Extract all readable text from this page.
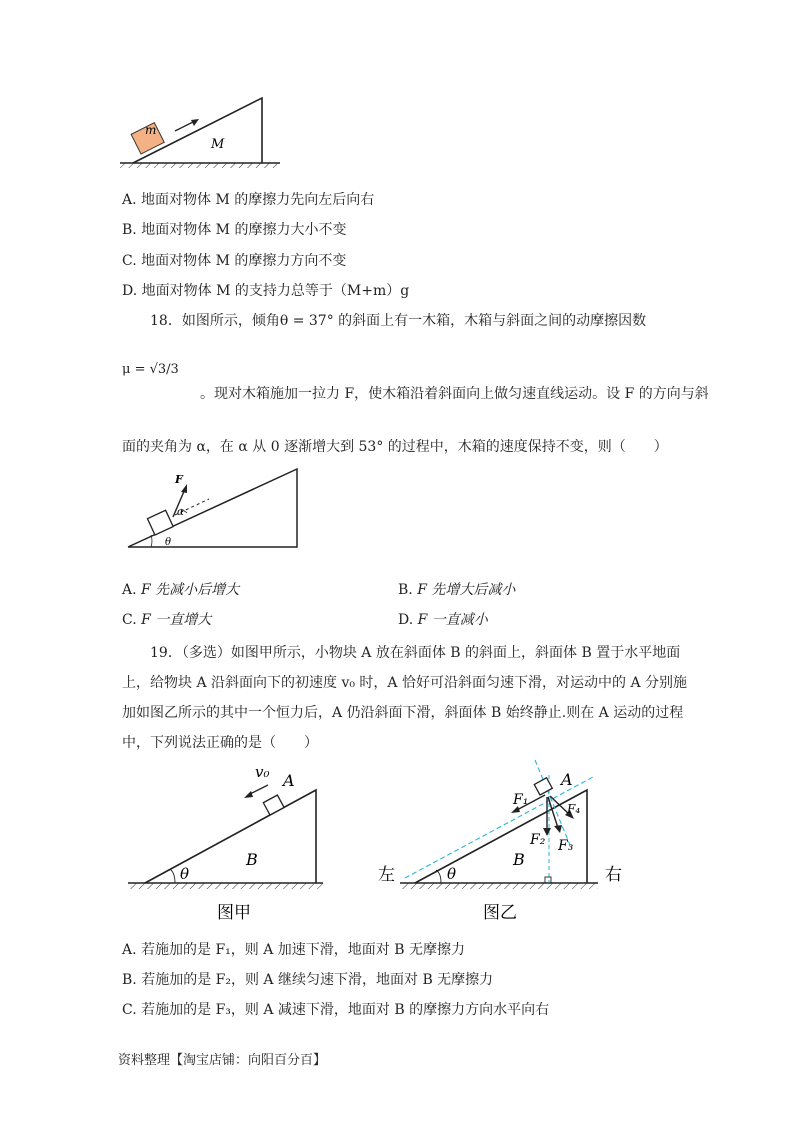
m
M
A. 地面对物体 M 的摩擦力先向左后向右
B. 地面对物体 M 的摩擦力大小不变
C. 地面对物体 M 的摩擦力方向不变
D. 地面对物体 M 的支持力总等于（M+m）g
18．如图所示，倾角θ = 37° 的斜面上有一木箱，木箱与斜面之间的动摩擦因数
μ = √3/3
。现对木箱施加一拉力 F，使木箱沿着斜面向上做匀速直线运动。设 F 的方向与斜
面的夹角为 α，在 α 从 0 逐渐增大到 53° 的过程中，木箱的速度保持不变，则（　　）
F
α
θ
A. F 先减小后增大	B. F 先增大后减小
C. F 一直增大	D. F 一直减小
19．（多选）如图甲所示，小物块 A 放在斜面体 B 的斜面上，斜面体 B 置于水平地面
上，给物块 A 沿斜面向下的初速度 v₀ 时，A 恰好可沿斜面匀速下滑，对运动中的 A 分别施
加如图乙所示的其中一个恒力后，A 仍沿斜面下滑，斜面体 B 始终静止.则在 A 运动的过程
中，下列说法正确的是（　　）
v₀ A
B
θ
图甲
A
F₁
F₂ F₃
F₄
B
θ
左	右
图乙
A. 若施加的是 F₁，则 A 加速下滑，地面对 B 无摩擦力
B. 若施加的是 F₂，则 A 继续匀速下滑，地面对 B 无摩擦力
C. 若施加的是 F₃，则 A 减速下滑，地面对 B 的摩擦力方向水平向右
资料整理【淘宝店铺：向阳百分百】
